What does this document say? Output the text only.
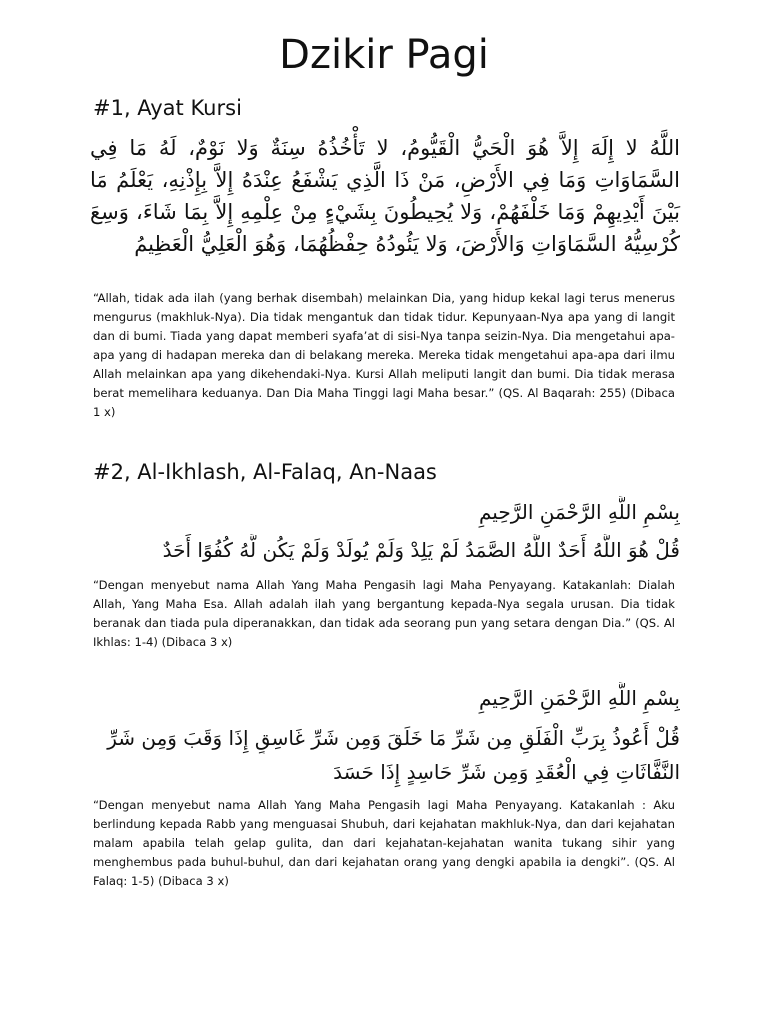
Dzikir Pagi
#1, Ayat Kursi
اللَّهُ لا إِلَهَ إِلاَّ هُوَ الْحَيُّ الْقَيُّومُ، لا تَأْخُذُهُ سِنَةٌ وَلا نَوْمٌ، لَهُ مَا فِي السَّمَاوَاتِ وَمَا فِي الأَرْضِ، مَنْ ذَا الَّذِي يَشْفَعُ عِنْدَهُ إِلاَّ بِإِذْنِهِ، يَعْلَمُ مَا بَيْنَ أَيْدِيهِمْ وَمَا خَلْفَهُمْ، وَلا يُحِيطُونَ بِشَيْءٍ مِنْ عِلْمِهِ إِلاَّ بِمَا شَاءَ، وَسِعَ كُرْسِيُّهُ السَّمَاوَاتِ وَالأَرْضَ، وَلا يَئُودُهُ حِفْظُهُمَا، وَهُوَ الْعَلِيُّ الْعَظِيمُ
“Allah, tidak ada ilah (yang berhak disembah) melainkan Dia, yang hidup kekal lagi terus menerus mengurus (makhluk-Nya). Dia tidak mengantuk dan tidak tidur. Kepunyaan-Nya apa yang di langit dan di bumi. Tiada yang dapat memberi syafa’at di sisi-Nya tanpa seizin-Nya. Dia mengetahui apa-apa yang di hadapan mereka dan di belakang mereka. Mereka tidak mengetahui apa-apa dari ilmu Allah melainkan apa yang dikehendaki-Nya. Kursi Allah meliputi langit dan bumi. Dia tidak merasa berat memelihara keduanya. Dan Dia Maha Tinggi lagi Maha besar.” (QS. Al Baqarah: 255) (Dibaca 1 x)
#2, Al-Ikhlash, Al-Falaq, An-Naas
بِسْمِ اللَّهِ الرَّحْمَنِ الرَّحِيمِ
قُلْ هُوَ اللَّهُ أَحَدٌ اللَّهُ الصَّمَدُ لَمْ يَلِدْ وَلَمْ يُولَدْ وَلَمْ يَكُن لَّهُ كُفُوًا أَحَدٌ
“Dengan menyebut nama Allah Yang Maha Pengasih lagi Maha Penyayang. Katakanlah: Dialah Allah, Yang Maha Esa. Allah adalah ilah yang bergantung kepada-Nya segala urusan. Dia tidak beranak dan tiada pula diperanakkan, dan tidak ada seorang pun yang setara dengan Dia.” (QS. Al Ikhlas: 1-4) (Dibaca 3 x)
بِسْمِ اللَّهِ الرَّحْمَنِ الرَّحِيمِ
قُلْ أَعُوذُ بِرَبِّ الْفَلَقِ مِن شَرِّ مَا خَلَقَ وَمِن شَرِّ غَاسِقٍ إِذَا وَقَبَ وَمِن شَرِّ
النَّفَّاثَاتِ فِي الْعُقَدِ وَمِن شَرِّ حَاسِدٍ إِذَا حَسَدَ
“Dengan menyebut nama Allah Yang Maha Pengasih lagi Maha Penyayang. Katakanlah : Aku berlindung kepada Rabb yang menguasai Shubuh, dari kejahatan makhluk-Nya, dan dari kejahatan malam apabila telah gelap gulita, dan dari kejahatan-kejahatan wanita tukang sihir yang menghembus pada buhul-buhul, dan dari kejahatan orang yang dengki apabila ia dengki”. (QS. Al Falaq: 1-5) (Dibaca 3 x)
